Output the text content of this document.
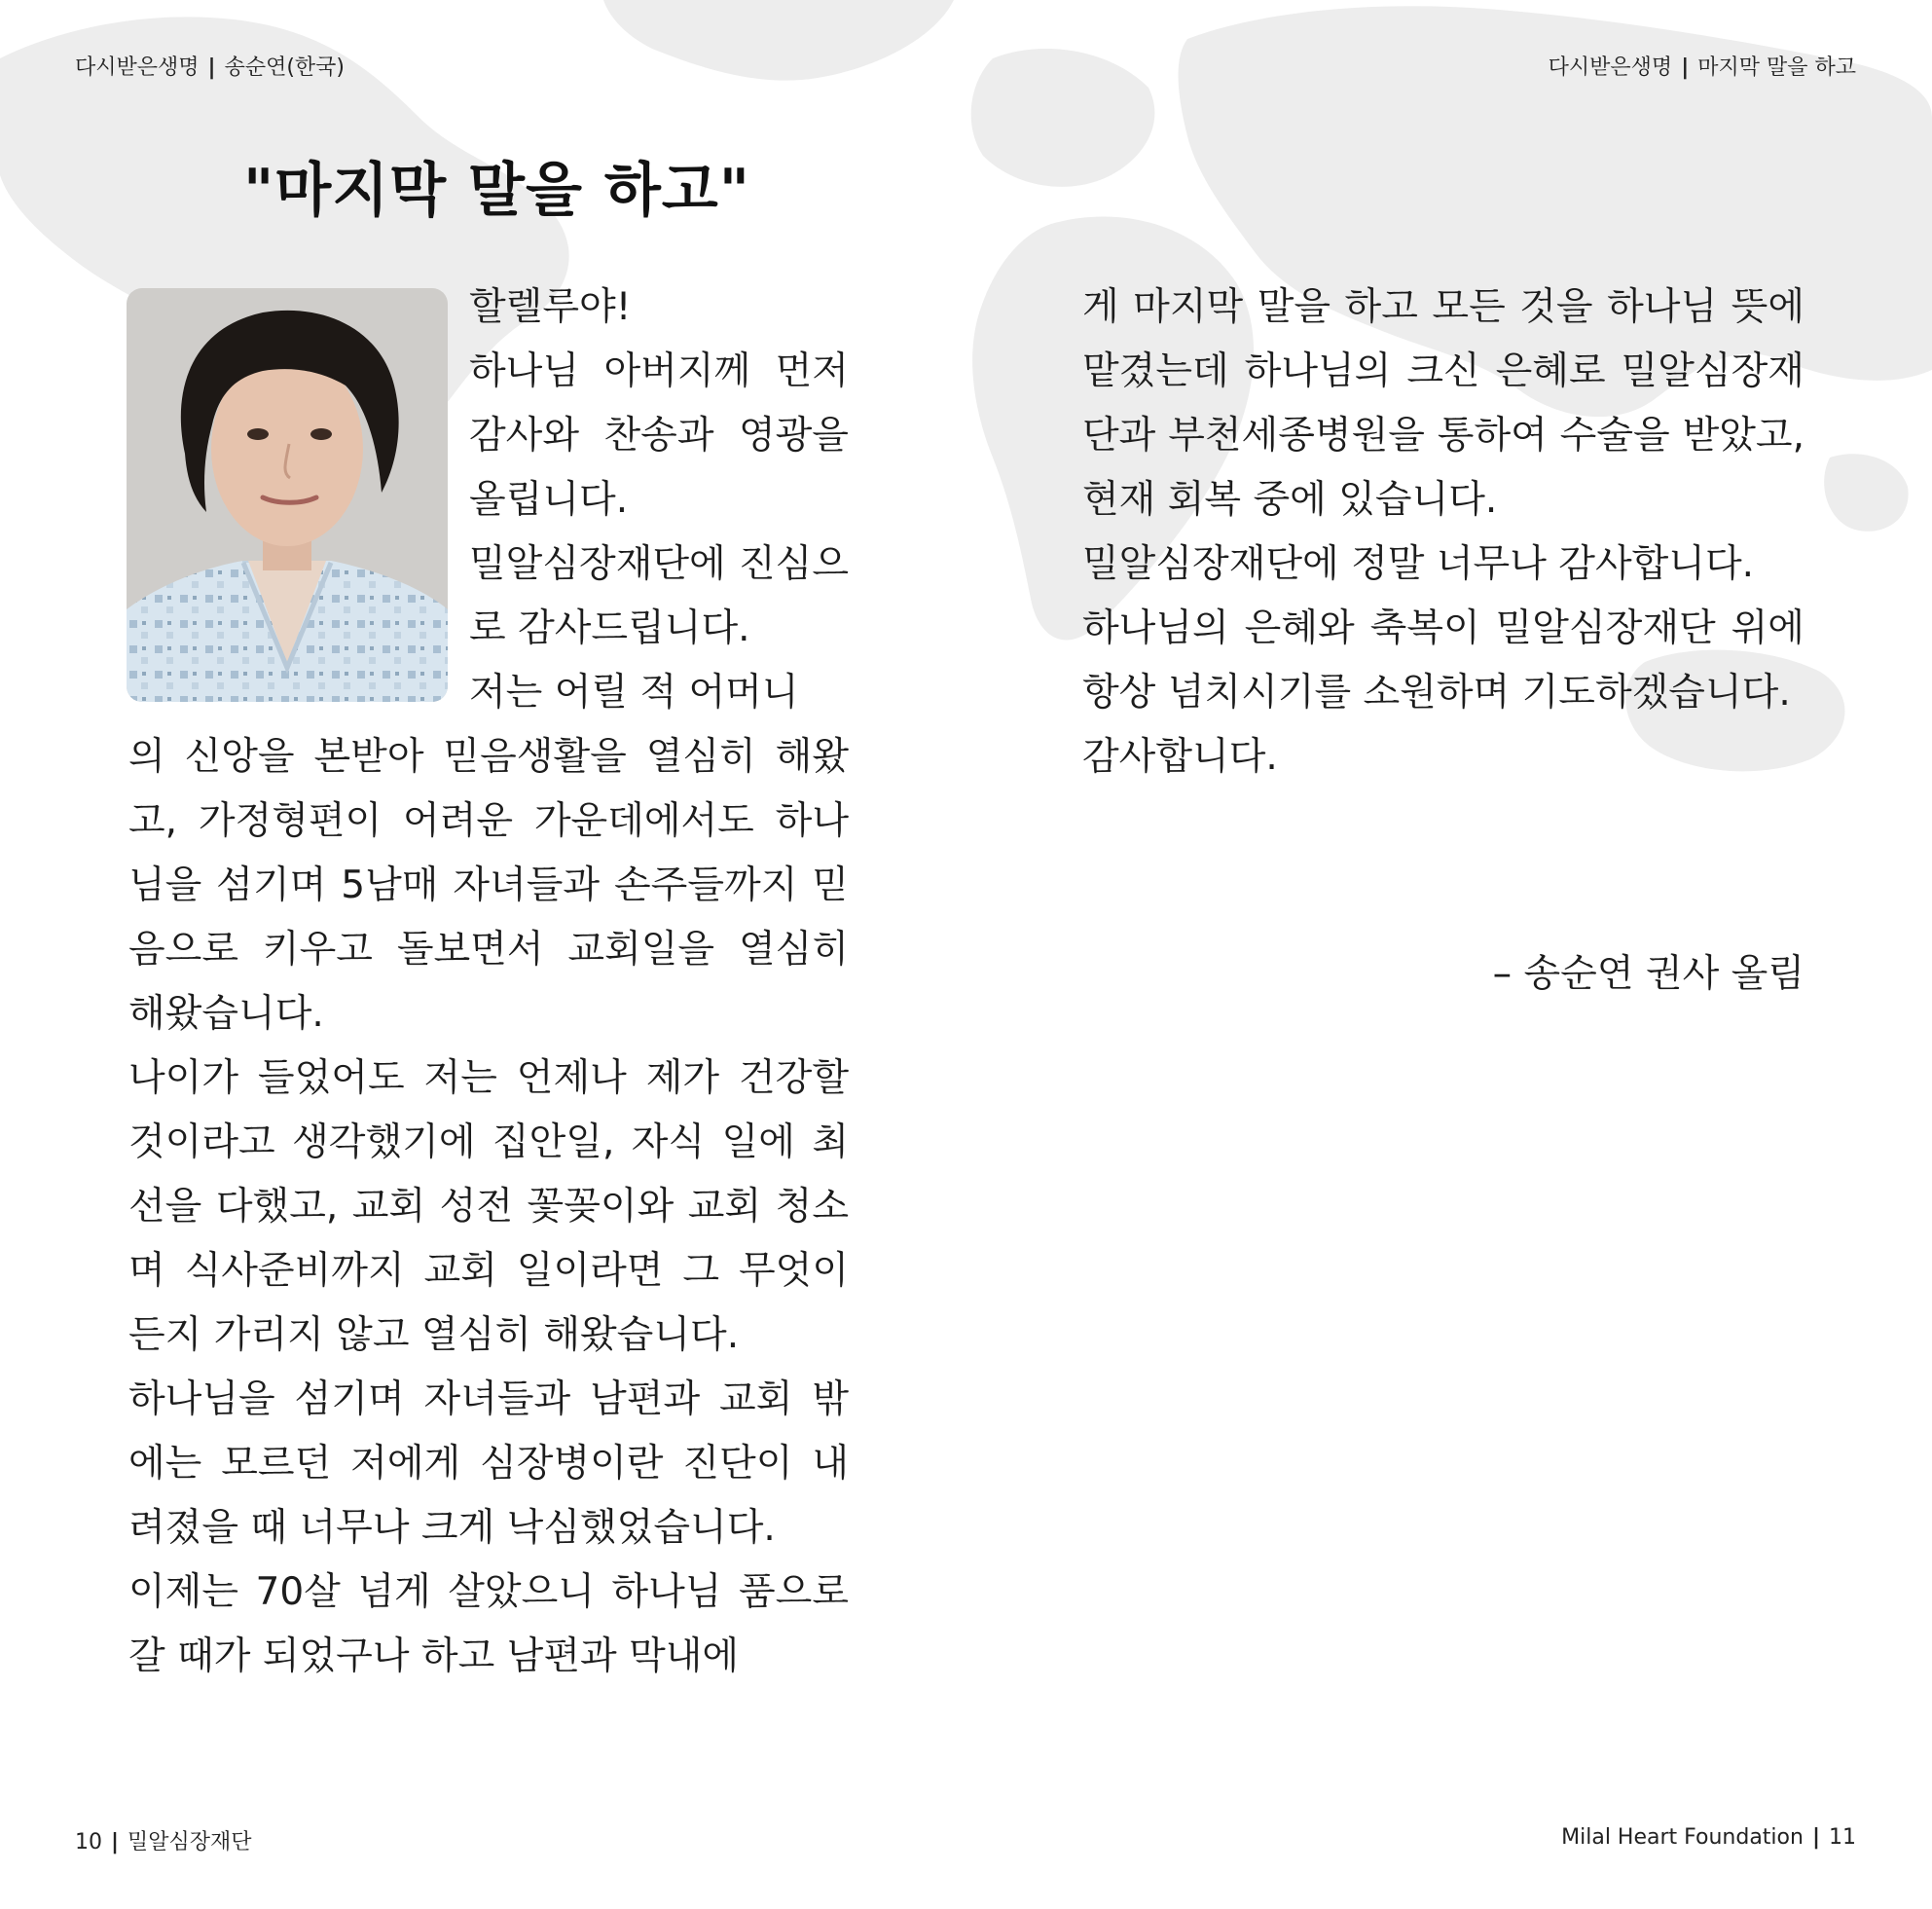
다시받은생명 | 송순연(한국)	다시받은생명 | 마지막 말을 하고
"마지막 말을 하고"

할렐루야!

하나님 아버지께 먼저 감사와 찬송과 영광을 올립니다.

밀알심장재단에 진심으로 감사드립니다.

저는 어릴 적 어머니

의 신앙을 본받아 믿음생활을 열심히 해왔고, 가정형편이 어려운 가운데에서도 하나님을 섬기며 5남매 자녀들과 손주들까지 믿음으로 키우고 돌보면서 교회일을 열심히 해왔습니다.

나이가 들었어도 저는 언제나 제가 건강할 것이라고 생각했기에 집안일, 자식 일에 최선을 다했고, 교회 성전 꽃꽂이와 교회 청소며 식사준비까지 교회 일이라면 그 무엇이든지 가리지 않고 열심히 해왔습니다.

하나님을 섬기며 자녀들과 남편과 교회 밖에는 모르던 저에게 심장병이란 진단이 내려졌을 때 너무나 크게 낙심했었습니다.

이제는 70살 넘게 살았으니 하나님 품으로 갈 때가 되었구나 하고 남편과 막내에

게 마지막 말을 하고 모든 것을 하나님 뜻에 맡겼는데 하나님의 크신 은혜로 밀알심장재단과 부천세종병원을 통하여 수술을 받았고, 현재 회복 중에 있습니다.

밀알심장재단에 정말 너무나 감사합니다.

하나님의 은혜와 축복이 밀알심장재단 위에 항상 넘치시기를 소원하며 기도하겠습니다.

감사합니다.

– 송순연 권사 올림
10 | 밀알심장재단	Milal Heart Foundation | 11
